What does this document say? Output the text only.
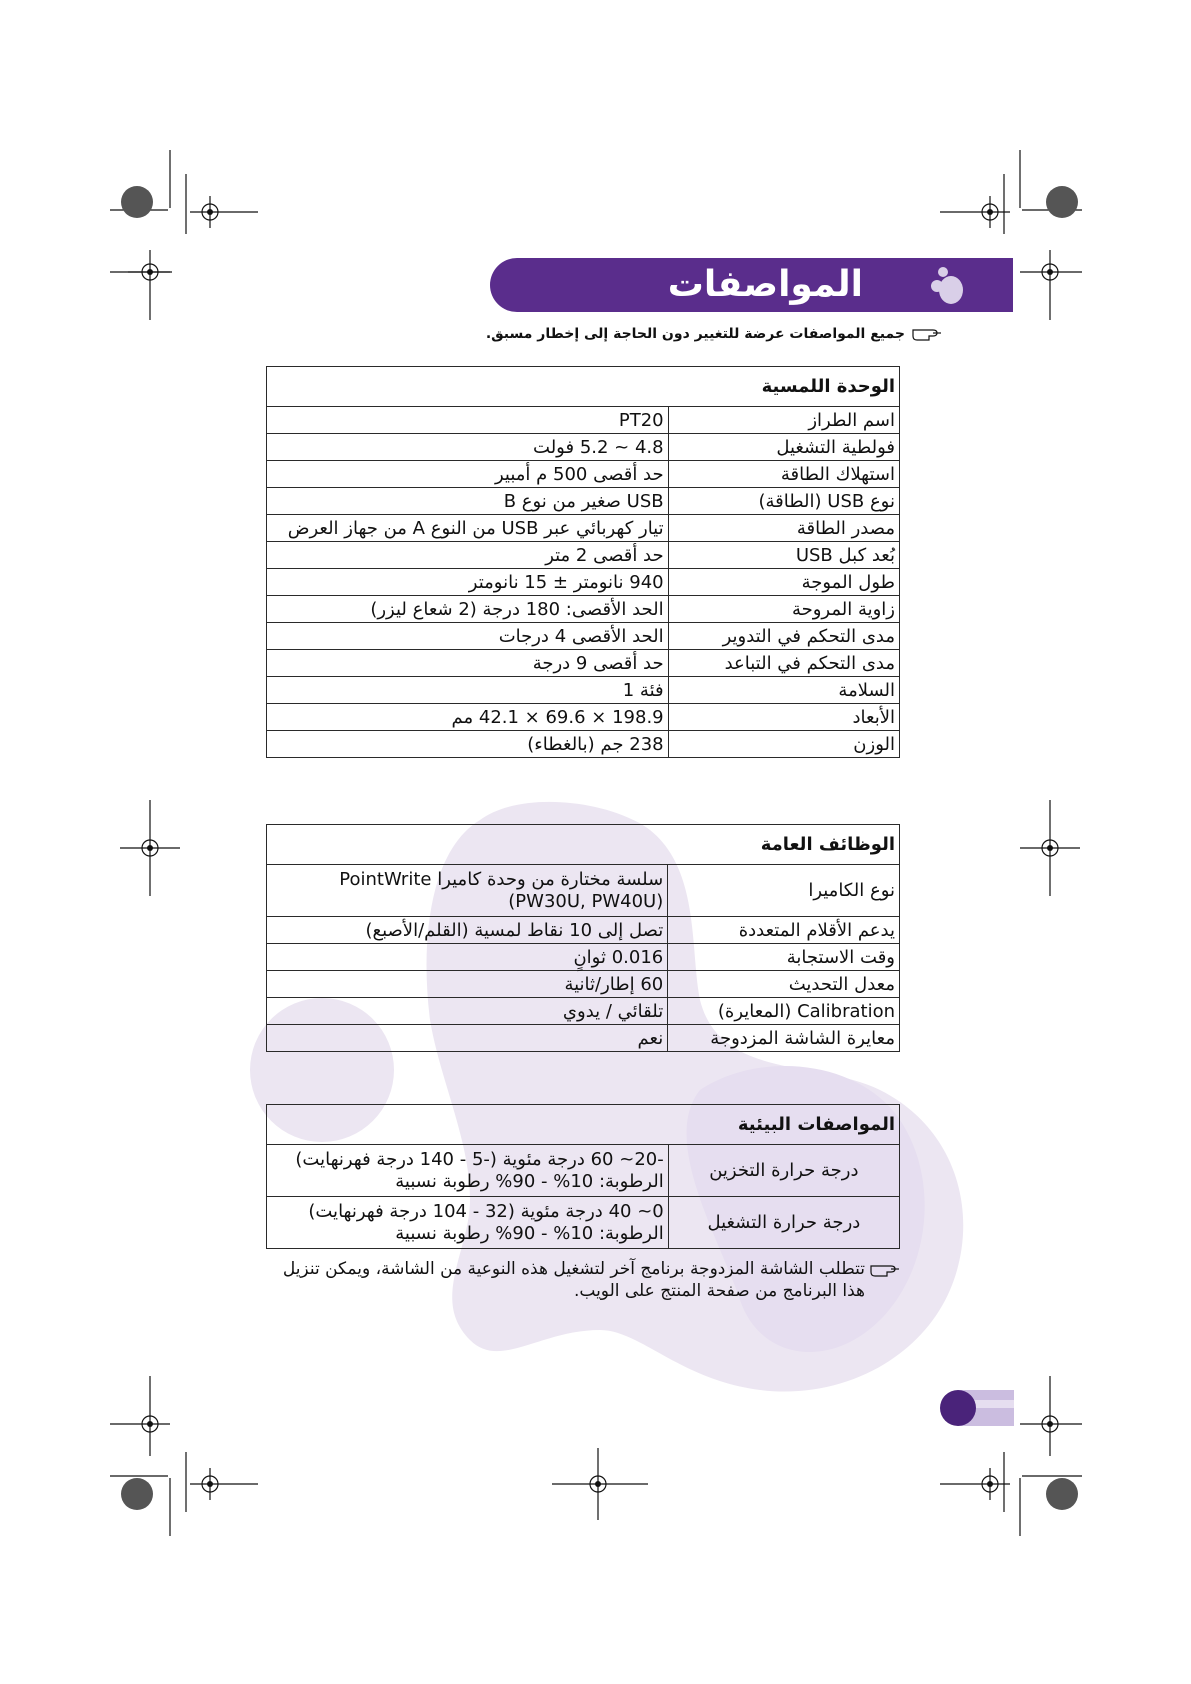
المواصفات
جميع المواصفات عرضة للتغيير دون الحاجة إلى إخطار مسبق.
الوحدة اللمسية	
اسم الطراز	PT20
فولطية التشغيل	4.8 ~ 5.2 فولت
استهلاك الطاقة	حد أقصى 500 م أمبير
نوع USB (الطاقة)	USB صغير من نوع B
مصدر الطاقة	تيار كهربائي عبر USB من النوع A من جهاز العرض
بُعد كبل USB	حد أقصى 2 متر
طول الموجة	940 نانومتر ± 15 نانومتر
زاوية المروحة	الحد الأقصى: 180 درجة (2 شعاع ليزر)
مدى التحكم في التدوير	الحد الأقصى 4 درجات
مدى التحكم في التباعد	حد أقصى 9 درجة
السلامة	فئة 1
الأبعاد	198.9 × 69.6 × 42.1 مم
الوزن	238 جم (بالغطاء)
الوظائف العامة	
نوع الكاميرا	سلسة مختارة من وحدة كاميرا PointWrite (PW30U, PW40U)
يدعم الأقلام المتعددة	تصل إلى 10 نقاط لمسية (القلم/الأصبع)
وقت الاستجابة	0.016 ثوانٍ
معدل التحديث	60 إطار/ثانية
Calibration (المعايرة)	تلقائي / يدوي
معايرة الشاشة المزدوجة	نعم
المواصفات البيئية	
درجة حرارة التخزين	-20~ 60 درجة مئوية (-5 - 140 درجة فهرنهايت)
الرطوبة: 10% - 90% رطوبة نسبية

درجة حرارة التشغيل	0~ 40 درجة مئوية (32 - 104 درجة فهرنهايت)
الرطوبة: 10% - 90% رطوبة نسبية
تتطلب الشاشة المزدوجة برنامج آخر لتشغيل هذه النوعية من الشاشة، ويمكن تنزيل هذا البرنامج من صفحة المنتج على الويب.
